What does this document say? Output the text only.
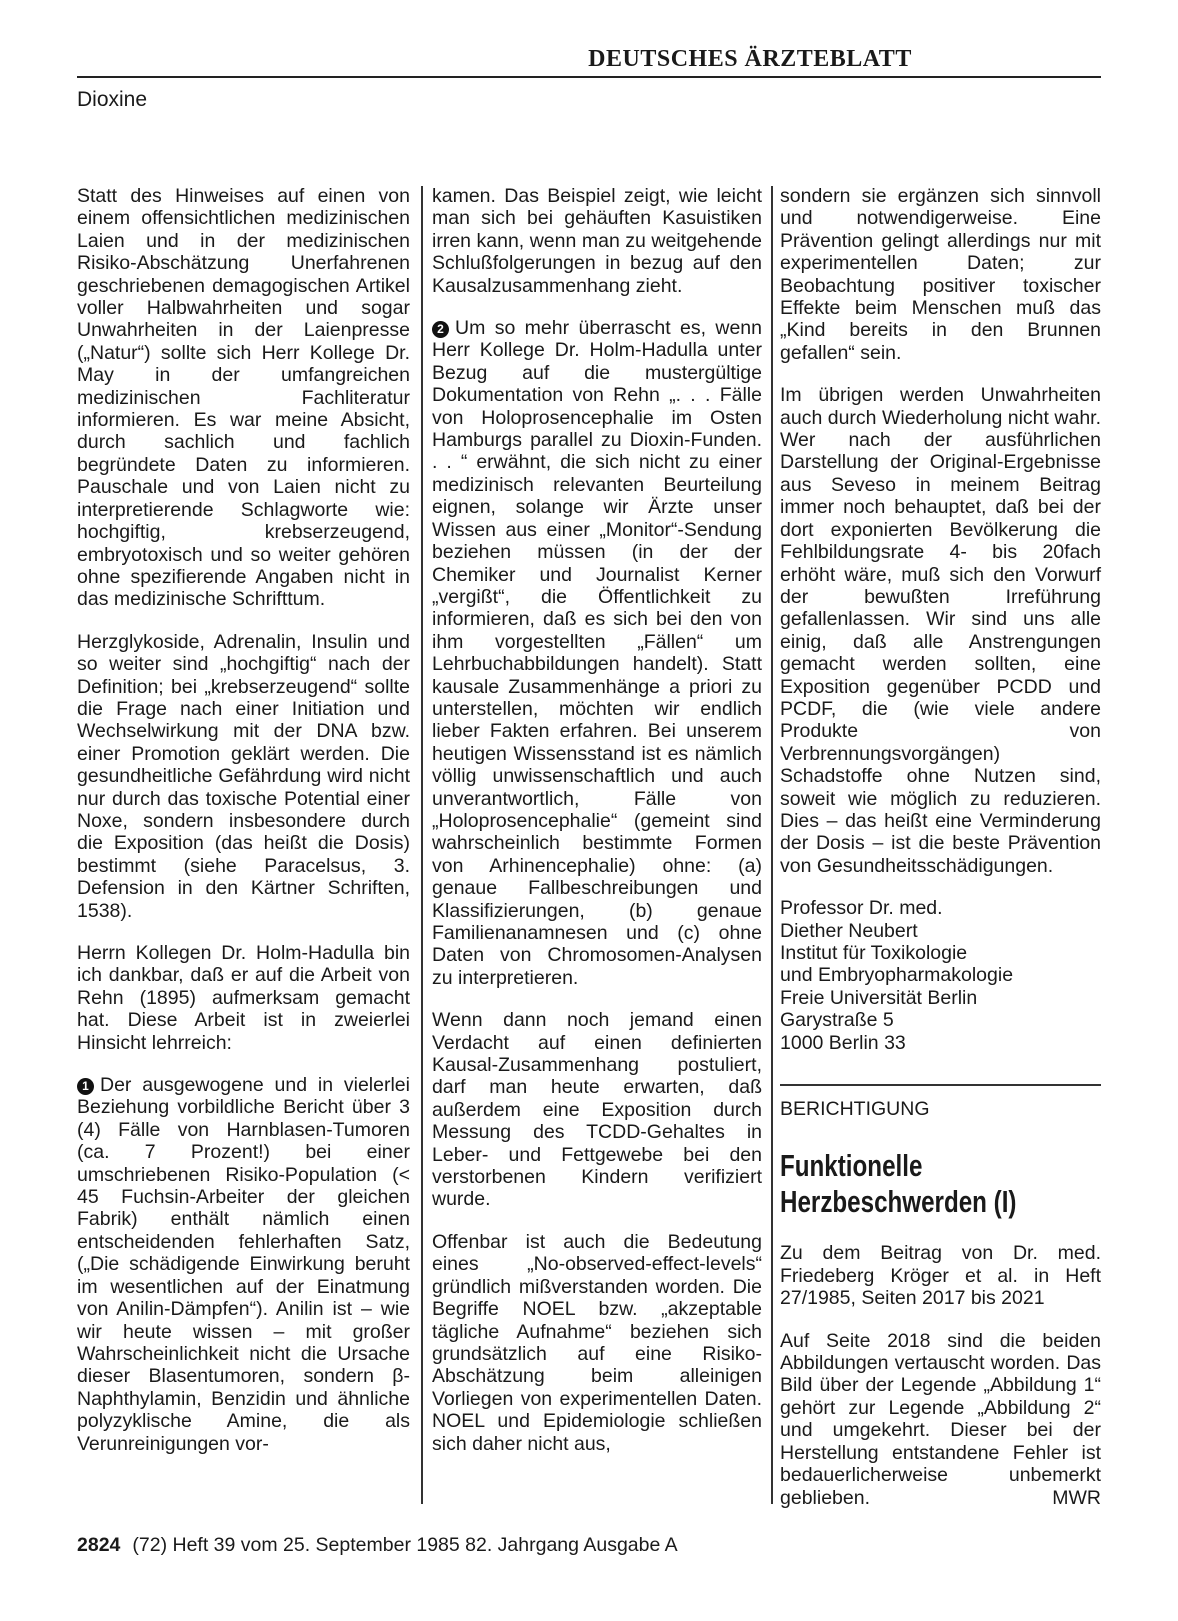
DEUTSCHES ÄRZTEBLATT
Dioxine

Statt des Hinweises auf einen von einem offensichtlichen medizinischen Laien und in der medizinischen Risiko-Abschätzung Unerfahrenen geschriebenen demagogischen Artikel voller Halbwahrheiten und sogar Unwahrheiten in der Laienpresse („Natur“) sollte sich Herr Kollege Dr. May in der umfangreichen medizinischen Fachliteratur informieren. Es war meine Absicht, durch sachlich und fachlich begründete Daten zu informieren. Pauschale und von Laien nicht zu interpretierende Schlagworte wie: hochgiftig, krebserzeugend, embryotoxisch und so weiter gehören ohne spezifierende Angaben nicht in das medizinische Schrifttum.

Herzglykoside, Adrenalin, Insulin und so weiter sind „hochgiftig“ nach der Definition; bei „krebserzeugend“ sollte die Frage nach einer Initiation und Wechselwirkung mit der DNA bzw. einer Promotion geklärt werden. Die gesundheitliche Gefährdung wird nicht nur durch das toxische Potential einer Noxe, sondern insbesondere durch die Exposition (das heißt die Dosis) bestimmt (siehe Paracelsus, 3. Defension in den Kärtner Schriften, 1538).

Herrn Kollegen Dr. Holm-Hadulla bin ich dankbar, daß er auf die Arbeit von Rehn (1895) aufmerksam gemacht hat. Diese Arbeit ist in zweierlei Hinsicht lehrreich:

1 Der ausgewogene und in vielerlei Beziehung vorbildliche Bericht über 3 (4) Fälle von Harnblasen-Tumoren (ca. 7 Prozent!) bei einer umschriebenen Risiko-Population (< 45 Fuchsin-Arbeiter der gleichen Fabrik) enthält nämlich einen entscheidenden fehlerhaften Satz, („Die schädigende Einwirkung beruht im wesentlichen auf der Einatmung von Anilin-Dämpfen“). Anilin ist – wie wir heute wissen – mit großer Wahrscheinlichkeit nicht die Ursache dieser Blasentumoren, sondern β-Naphthylamin, Benzidin und ähnliche polyzyklische Amine, die als Verunreinigungen vor-

kamen. Das Beispiel zeigt, wie leicht man sich bei gehäuften Kasuistiken irren kann, wenn man zu weitgehende Schlußfolgerungen in bezug auf den Kausalzusammenhang zieht.

2 Um so mehr überrascht es, wenn Herr Kollege Dr. Holm-Hadulla unter Bezug auf die mustergültige Dokumentation von Rehn „. . . Fälle von Holoprosencephalie im Osten Hamburgs parallel zu Dioxin-Funden. . . “ erwähnt, die sich nicht zu einer medizinisch relevanten Beurteilung eignen, solange wir Ärzte unser Wissen aus einer „Monitor“-Sendung beziehen müssen (in der der Chemiker und Journalist Kerner „vergißt“, die Öffentlichkeit zu informieren, daß es sich bei den von ihm vorgestellten „Fällen“ um Lehrbuchabbildungen handelt). Statt kausale Zusammenhänge a priori zu unterstellen, möchten wir endlich lieber Fakten erfahren. Bei unserem heutigen Wissensstand ist es nämlich völlig unwissenschaftlich und auch unverantwortlich, Fälle von „Holoprosencephalie“ (gemeint sind wahrscheinlich bestimmte Formen von Arhinencephalie) ohne: (a) genaue Fallbeschreibungen und Klassifizierungen, (b) genaue Familienanamnesen und (c) ohne Daten von Chromosomen-Analysen zu interpretieren.

Wenn dann noch jemand einen Verdacht auf einen definierten Kausal-Zusammenhang postuliert, darf man heute erwarten, daß außerdem eine Exposition durch Messung des TCDD-Gehaltes in Leber- und Fettgewebe bei den verstorbenen Kindern verifiziert wurde.

Offenbar ist auch die Bedeutung eines „No-observed-effect-levels“ gründlich mißverstanden worden. Die Begriffe NOEL bzw. „akzeptable tägliche Aufnahme“ beziehen sich grundsätzlich auf eine Risiko-Abschätzung beim alleinigen Vorliegen von experimentellen Daten. NOEL und Epidemiologie schließen sich daher nicht aus,

sondern sie ergänzen sich sinnvoll und notwendigerweise. Eine Prävention gelingt allerdings nur mit experimentellen Daten; zur Beobachtung positiver toxischer Effekte beim Menschen muß das „Kind bereits in den Brunnen gefallen“ sein.

Im übrigen werden Unwahrheiten auch durch Wiederholung nicht wahr. Wer nach der ausführlichen Darstellung der Original-Ergebnisse aus Seveso in meinem Beitrag immer noch behauptet, daß bei der dort exponierten Bevölkerung die Fehlbildungsrate 4- bis 20fach erhöht wäre, muß sich den Vorwurf der bewußten Irreführung gefallenlassen. Wir sind uns alle einig, daß alle Anstrengungen gemacht werden sollten, eine Exposition gegenüber PCDD und PCDF, die (wie viele andere Produkte von Verbrennungsvorgängen) Schadstoffe ohne Nutzen sind, soweit wie möglich zu reduzieren. Dies – das heißt eine Verminderung der Dosis – ist die beste Prävention von Gesundheitsschädigungen.

Professor Dr. med.
Diether Neubert
Institut für Toxikologie
und Embryopharmakologie
Freie Universität Berlin
Garystraße 5
1000 Berlin 33
BERICHTIGUNG
Funktionelle
Herzbeschwerden (I)

Zu dem Beitrag von Dr. med. Friedeberg Kröger et al. in Heft 27/1985, Seiten 2017 bis 2021

Auf Seite 2018 sind die beiden Abbildungen vertauscht worden. Das Bild über der Legende „Abbildung 1“ gehört zur Legende „Abbildung 2“ und umgekehrt. Dieser bei der Herstellung entstandene Fehler ist bedauerlicherweise unbemerkt geblieben.	MWR

2824 (72) Heft 39 vom 25. September 1985 82. Jahrgang Ausgabe A
